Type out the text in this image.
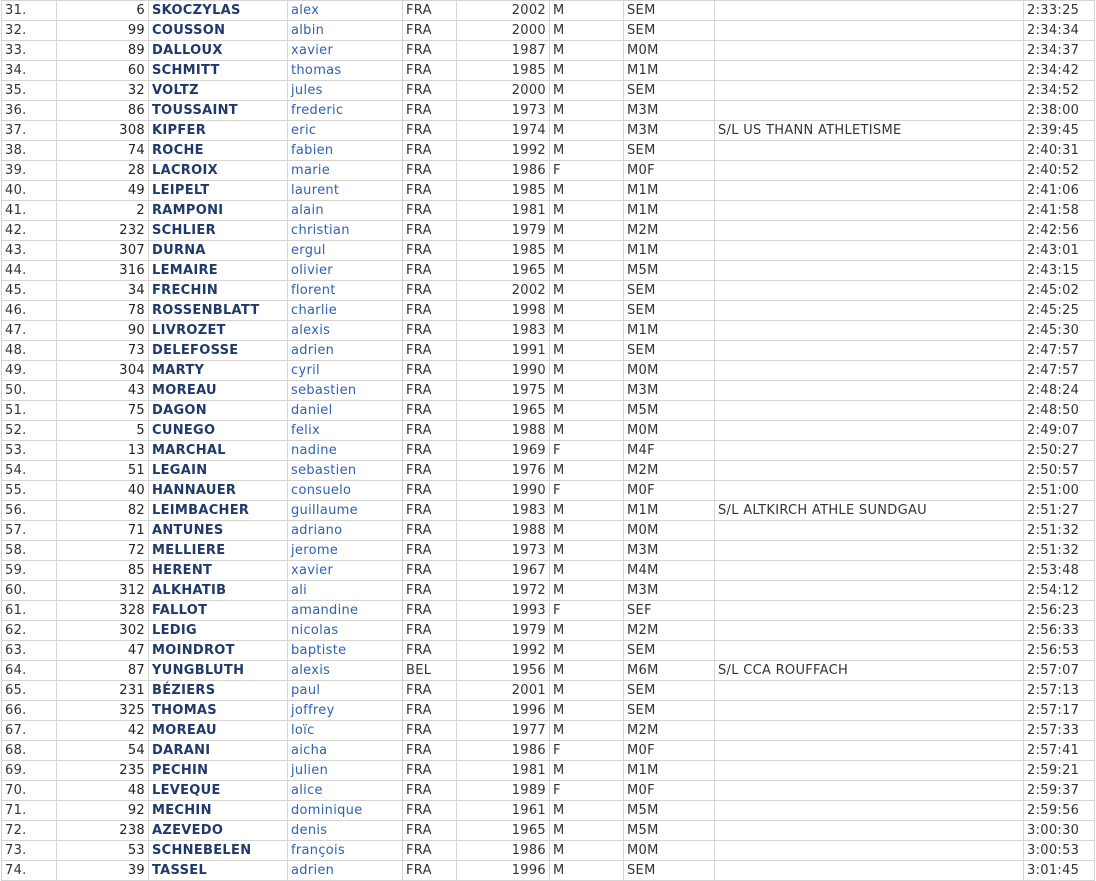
31.	6	SKOCZYLAS	alex	FRA	2002	M	SEM		2:33:25
32.	99	COUSSON	albin	FRA	2000	M	SEM		2:34:34
33.	89	DALLOUX	xavier	FRA	1987	M	M0M		2:34:37
34.	60	SCHMITT	thomas	FRA	1985	M	M1M		2:34:42
35.	32	VOLTZ	jules	FRA	2000	M	SEM		2:34:52
36.	86	TOUSSAINT	frederic	FRA	1973	M	M3M		2:38:00
37.	308	KIPFER	eric	FRA	1974	M	M3M	S/L US THANN ATHLETISME	2:39:45
38.	74	ROCHE	fabien	FRA	1992	M	SEM		2:40:31
39.	28	LACROIX	marie	FRA	1986	F	M0F		2:40:52
40.	49	LEIPELT	laurent	FRA	1985	M	M1M		2:41:06
41.	2	RAMPONI	alain	FRA	1981	M	M1M		2:41:58
42.	232	SCHLIER	christian	FRA	1979	M	M2M		2:42:56
43.	307	DURNA	ergul	FRA	1985	M	M1M		2:43:01
44.	316	LEMAIRE	olivier	FRA	1965	M	M5M		2:43:15
45.	34	FRECHIN	florent	FRA	2002	M	SEM		2:45:02
46.	78	ROSSENBLATT	charlie	FRA	1998	M	SEM		2:45:25
47.	90	LIVROZET	alexis	FRA	1983	M	M1M		2:45:30
48.	73	DELEFOSSE	adrien	FRA	1991	M	SEM		2:47:57
49.	304	MARTY	cyril	FRA	1990	M	M0M		2:47:57
50.	43	MOREAU	sebastien	FRA	1975	M	M3M		2:48:24
51.	75	DAGON	daniel	FRA	1965	M	M5M		2:48:50
52.	5	CUNEGO	felix	FRA	1988	M	M0M		2:49:07
53.	13	MARCHAL	nadine	FRA	1969	F	M4F		2:50:27
54.	51	LEGAIN	sebastien	FRA	1976	M	M2M		2:50:57
55.	40	HANNAUER	consuelo	FRA	1990	F	M0F		2:51:00
56.	82	LEIMBACHER	guillaume	FRA	1983	M	M1M	S/L ALTKIRCH ATHLE SUNDGAU	2:51:27
57.	71	ANTUNES	adriano	FRA	1988	M	M0M		2:51:32
58.	72	MELLIERE	jerome	FRA	1973	M	M3M		2:51:32
59.	85	HERENT	xavier	FRA	1967	M	M4M		2:53:48
60.	312	ALKHATIB	ali	FRA	1972	M	M3M		2:54:12
61.	328	FALLOT	amandine	FRA	1993	F	SEF		2:56:23
62.	302	LEDIG	nicolas	FRA	1979	M	M2M		2:56:33
63.	47	MOINDROT	baptiste	FRA	1992	M	SEM		2:56:53
64.	87	YUNGBLUTH	alexis	BEL	1956	M	M6M	S/L CCA ROUFFACH	2:57:07
65.	231	BÉZIERS	paul	FRA	2001	M	SEM		2:57:13
66.	325	THOMAS	joffrey	FRA	1996	M	SEM		2:57:17
67.	42	MOREAU	loïc	FRA	1977	M	M2M		2:57:33
68.	54	DARANI	aicha	FRA	1986	F	M0F		2:57:41
69.	235	PECHIN	julien	FRA	1981	M	M1M		2:59:21
70.	48	LEVEQUE	alice	FRA	1989	F	M0F		2:59:37
71.	92	MECHIN	dominique	FRA	1961	M	M5M		2:59:56
72.	238	AZEVEDO	denis	FRA	1965	M	M5M		3:00:30
73.	53	SCHNEBELEN	françois	FRA	1986	M	M0M		3:00:53
74.	39	TASSEL	adrien	FRA	1996	M	SEM		3:01:45
